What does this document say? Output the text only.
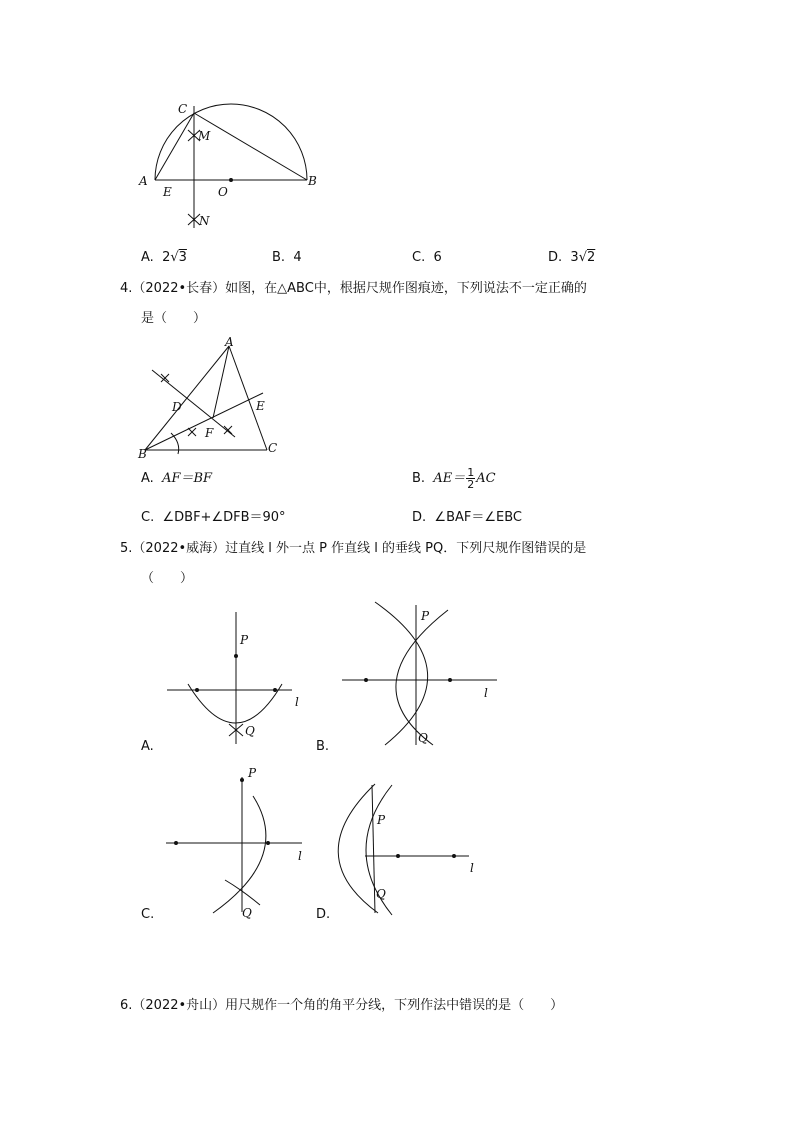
C
M
A
E	O
B
N
A. 2√3	B. 4	C. 6	D. 3√2
4.（2022•长春）如图，在△ABC中，根据尺规作图痕迹，下列说法不一定正确的
是（　　）
A
D	E
F
B	C
A. AF＝BF	B. $AE= \frac{1}{2}$ AC
C. ∠DBF+∠DFB＝90°	D. ∠BAF＝∠EBC
5.（2022•威海）过直线 l 外一点 P 作直线 l 的垂线 PQ．下列尺规作图错误的是
（　　）
P
Q
l
P
Q
l
P
Q
l
P
Q
l
A.	B.
C.	D.
6.（2022•舟山）用尺规作一个角的角平分线，下列作法中错误的是（　　）
